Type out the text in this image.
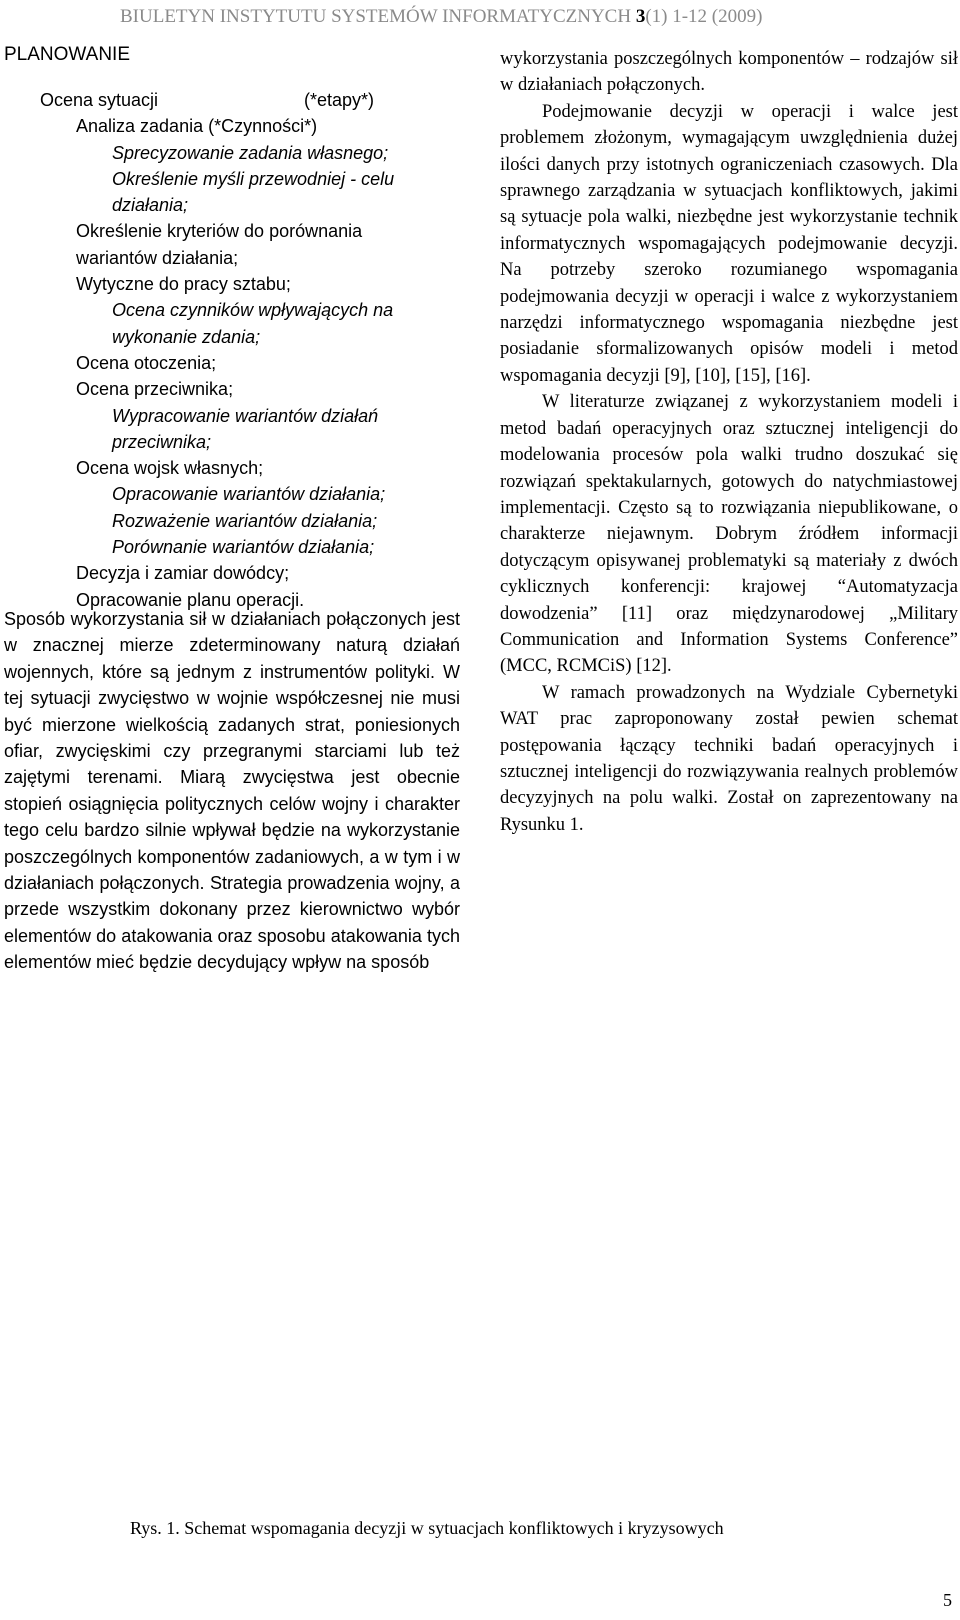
BIULETYN INSTYTUTU SYSTEMÓW INFORMATYCZNYCH 3(1) 1-12 (2009)
PLANOWANIE
(*etapy*)
Ocena sytuacji
Analiza zadania (*Czynności*)
Sprecyzowanie zadania własnego;
Określenie myśli przewodniej - celu
działania;
Określenie kryteriów do porównania
wariantów działania;
Wytyczne do pracy sztabu;
Ocena czynników wpływających na
wykonanie zdania;
Ocena otoczenia;
Ocena przeciwnika;
Wypracowanie wariantów działań
przeciwnika;
Ocena wojsk własnych;
Opracowanie wariantów działania;
Rozważenie wariantów działania;
Porównanie wariantów działania;
Decyzja i zamiar dowódcy;
Opracowanie planu operacji.
Sposób wykorzystania sił w działaniach połączonych jest w znacznej mierze zdeterminowany naturą działań wojennych, które są jednym z instrumentów polityki. W tej sytuacji zwycięstwo w wojnie współczesnej nie musi być mierzone wielkością zadanych strat, poniesionych ofiar, zwycięskimi czy przegranymi starciami lub też zajętymi terenami. Miarą zwycięstwa jest obecnie stopień osiągnięcia politycznych celów wojny i charakter tego celu bardzo silnie wpływał będzie na wykorzystanie poszczególnych komponentów zadaniowych, a w tym i w działaniach połączonych. Strategia prowadzenia wojny, a przede wszystkim dokonany przez kierownictwo wybór elementów do atakowania oraz sposobu atakowania tych elementów mieć będzie decydujący wpływ na sposób

wykorzystania poszczególnych komponentów – rodzajów sił w działaniach połączonych.

Podejmowanie decyzji w operacji i walce jest problemem złożonym, wymagającym uwzględnienia dużej ilości danych przy istotnych ograniczeniach czasowych. Dla sprawnego zarządzania w sytuacjach konfliktowych, jakimi są sytuacje pola walki, niezbędne jest wykorzystanie technik informatycznych wspomagających podejmowanie decyzji. Na potrzeby szeroko rozumianego wspomagania podejmowania decyzji w operacji i walce z wykorzystaniem narzędzi informatycznego wspomagania niezbędne jest posiadanie sformalizowanych opisów modeli i metod wspomagania decyzji [9], [10], [15], [16].

W literaturze związanej z wykorzystaniem modeli i metod badań operacyjnych oraz sztucznej inteligencji do modelowania procesów pola walki trudno doszukać się rozwiązań spektakularnych, gotowych do natychmiastowej implementacji. Często są to rozwiązania niepublikowane, o charakterze niejawnym. Dobrym źródłem informacji dotyczącym opisywanej problematyki są materiały z dwóch cyklicznych konferencji: krajowej “Automatyzacja dowodzenia” [11] oraz międzynarodowej „Military Communication and Information Systems Conference” (MCC, RCMCiS) [12].

W ramach prowadzonych na Wydziale Cybernetyki WAT prac zaproponowany został pewien schemat postępowania łączący techniki badań operacyjnych i sztucznej inteligencji do rozwiązywania realnych problemów decyzyjnych na polu walki. Został on zaprezentowany na Rysunku 1.

Rys. 1. Schemat wspomagania decyzji w sytuacjach konfliktowych i kryzysowych
5
